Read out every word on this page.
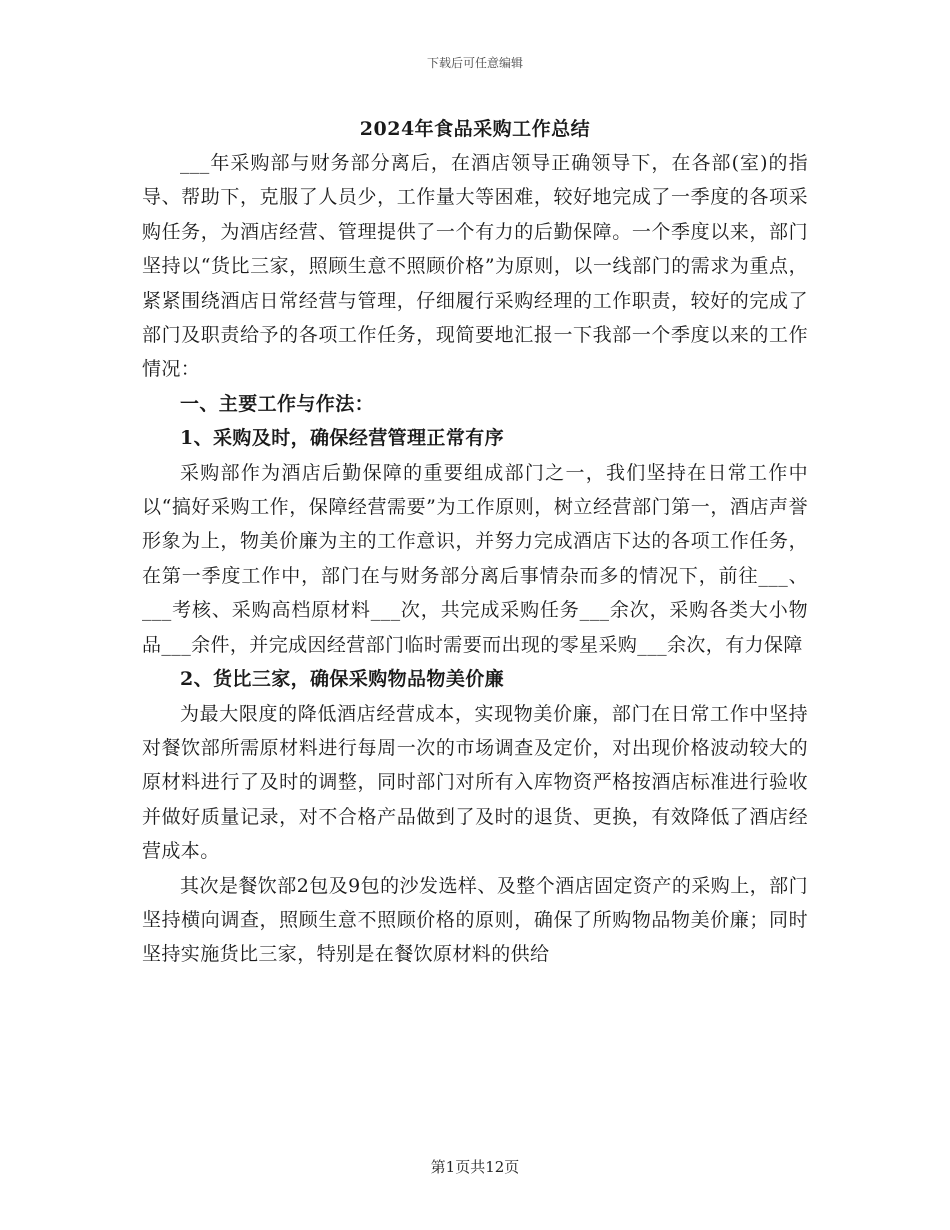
下载后可任意编辑
2024年食品采购工作总结

___年采购部与财务部分离后，在酒店领导正确领导下，在各部(室)的指导、帮助下，克服了人员少，工作量大等困难，较好地完成了一季度的各项采购任务，为酒店经营、管理提供了一个有力的后勤保障。一个季度以来，部门坚持以“货比三家，照顾生意不照顾价格”为原则，以一线部门的需求为重点，紧紧围绕酒店日常经营与管理，仔细履行采购经理的工作职责，较好的完成了部门及职责给予的各项工作任务，现简要地汇报一下我部一个季度以来的工作情况：

一、主要工作与作法：

1、采购及时，确保经营管理正常有序

采购部作为酒店后勤保障的重要组成部门之一，我们坚持在日常工作中以“搞好采购工作，保障经营需要”为工作原则，树立经营部门第一，酒店声誉形象为上，物美价廉为主的工作意识，并努力完成酒店下达的各项工作任务，在第一季度工作中，部门在与财务部分离后事情杂而多的情况下，前往___、___考核、采购高档原材料___次，共完成采购任务___余次，采购各类大小物品___余件，并完成因经营部门临时需要而出现的零星采购___余次，有力保障

2、货比三家，确保采购物品物美价廉

为最大限度的降低酒店经营成本，实现物美价廉，部门在日常工作中坚持对餐饮部所需原材料进行每周一次的市场调查及定价，对出现价格波动较大的原材料进行了及时的调整，同时部门对所有入库物资严格按酒店标准进行验收并做好质量记录，对不合格产品做到了及时的退货、更换，有效降低了酒店经营成本。

其次是餐饮部2包及9包的沙发选样、及整个酒店固定资产的采购上，部门坚持横向调查，照顾生意不照顾价格的原则，确保了所购物品物美价廉；同时坚持实施货比三家，特别是在餐饮原材料的供给

第1页共12页
